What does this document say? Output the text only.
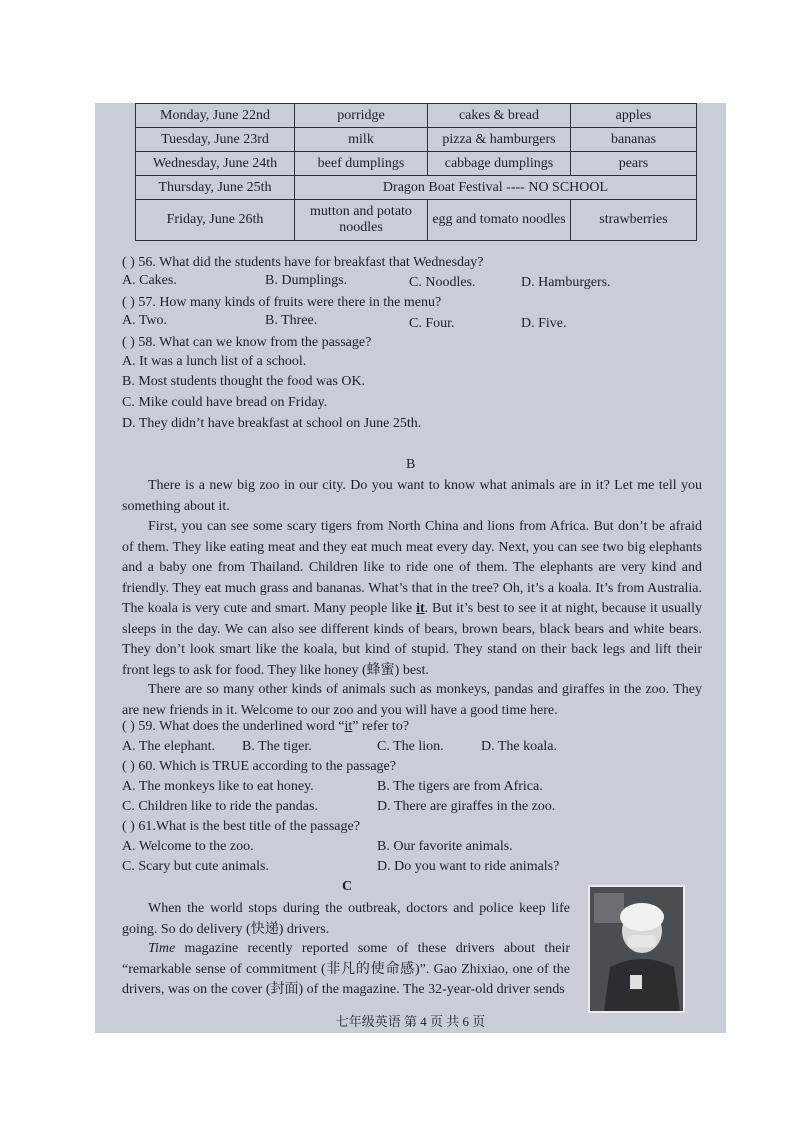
Monday, June 22nd	porridge	cakes & bread	apples
Tuesday, June 23rd	milk	pizza & hamburgers	bananas
Wednesday, June 24th	beef dumplings	cabbage dumplings	pears
Thursday, June 25th	Dragon Boat Festival ---- NO SCHOOL		
Friday, June 26th	mutton and potato noodles	egg and tomato noodles	strawberries
( ) 56. What did the students have for breakfast that Wednesday?
A. Cakes.	B. Dumplings.	C. Noodles.	D. Hamburgers.
( ) 57. How many kinds of fruits were there in the menu?
A. Two.	B. Three.	C. Four.	D. Five.
( ) 58. What can we know from the passage?
A. It was a lunch list of a school.
B. Most students thought the food was OK.
C. Mike could have bread on Friday.
D. They didn’t have breakfast at school on June 25th.
B

There is a new big zoo in our city. Do you want to know what animals are in it? Let me tell you something about it.

First, you can see some scary tigers from North China and lions from Africa. But don’t be afraid of them. They like eating meat and they eat much meat every day. Next, you can see two big elephants and a baby one from Thailand. Children like to ride one of them. The elephants are very kind and friendly. They eat much grass and bananas. What’s that in the tree? Oh, it’s a koala. It’s from Australia. The koala is very cute and smart. Many people like it. But it’s best to see it at night, because it usually sleeps in the day. We can also see different kinds of bears, brown bears, black bears and white bears. They don’t look smart like the koala, but kind of stupid. They stand on their back legs and lift their front legs to ask for food. They like honey (蜂蜜) best.

There are so many other kinds of animals such as monkeys, pandas and giraffes in the zoo. They are new friends in it. Welcome to our zoo and you will have a good time here.

( ) 59. What does the underlined word “it” refer to?
A. The elephant. B. The tiger.	C. The lion.	D. The koala.
( ) 60. Which is TRUE according to the passage?
A. The monkeys like to eat honey.	B. The tigers are from Africa.
C. Children like to ride the pandas.	D. There are giraffes in the zoo.
( ) 61.What is the best title of the passage?
A. Welcome to the zoo.	B. Our favorite animals.
C. Scary but cute animals.	D. Do you want to ride animals?
C

When the world stops during the outbreak, doctors and police keep life going. So do delivery (快递) drivers.

Time magazine recently reported some of these drivers about their “remarkable sense of commitment (非凡的使命感)”. Gao Zhixiao, one of the drivers, was on the cover (封面) of the magazine. The 32-year-old driver sends

七年级英语 第 4 页 共 6 页
